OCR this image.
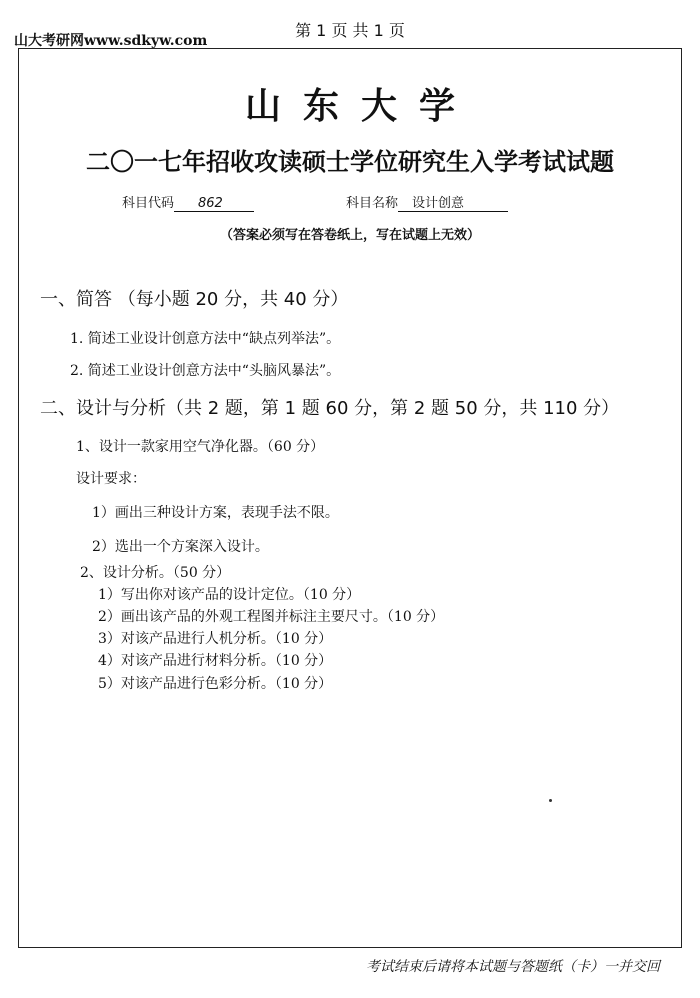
山大考研网www.sdkyw.com
第 1 页 共 1 页
山东大学
二〇一七年招收攻读硕士学位研究生入学考试试题
科目代码 862	科目名称 设计创意
（答案必须写在答卷纸上，写在试题上无效）
一、简答 （每小题 20 分，共 40 分）
1. 简述工业设计创意方法中“缺点列举法”。
2. 简述工业设计创意方法中“头脑风暴法”。
二、设计与分析（共 2 题，第 1 题 60 分，第 2 题 50 分，共 110 分）
1、设计一款家用空气净化器。（60 分）
设计要求：
1）画出三种设计方案，表现手法不限。
2）选出一个方案深入设计。
2、设计分析。（50 分）
1）写出你对该产品的设计定位。（10 分）
2）画出该产品的外观工程图并标注主要尺寸。（10 分）
3）对该产品进行人机分析。（10 分）
4）对该产品进行材料分析。（10 分）
5）对该产品进行色彩分析。（10 分）
考试结束后请将本试题与答题纸（卡）一并交回
